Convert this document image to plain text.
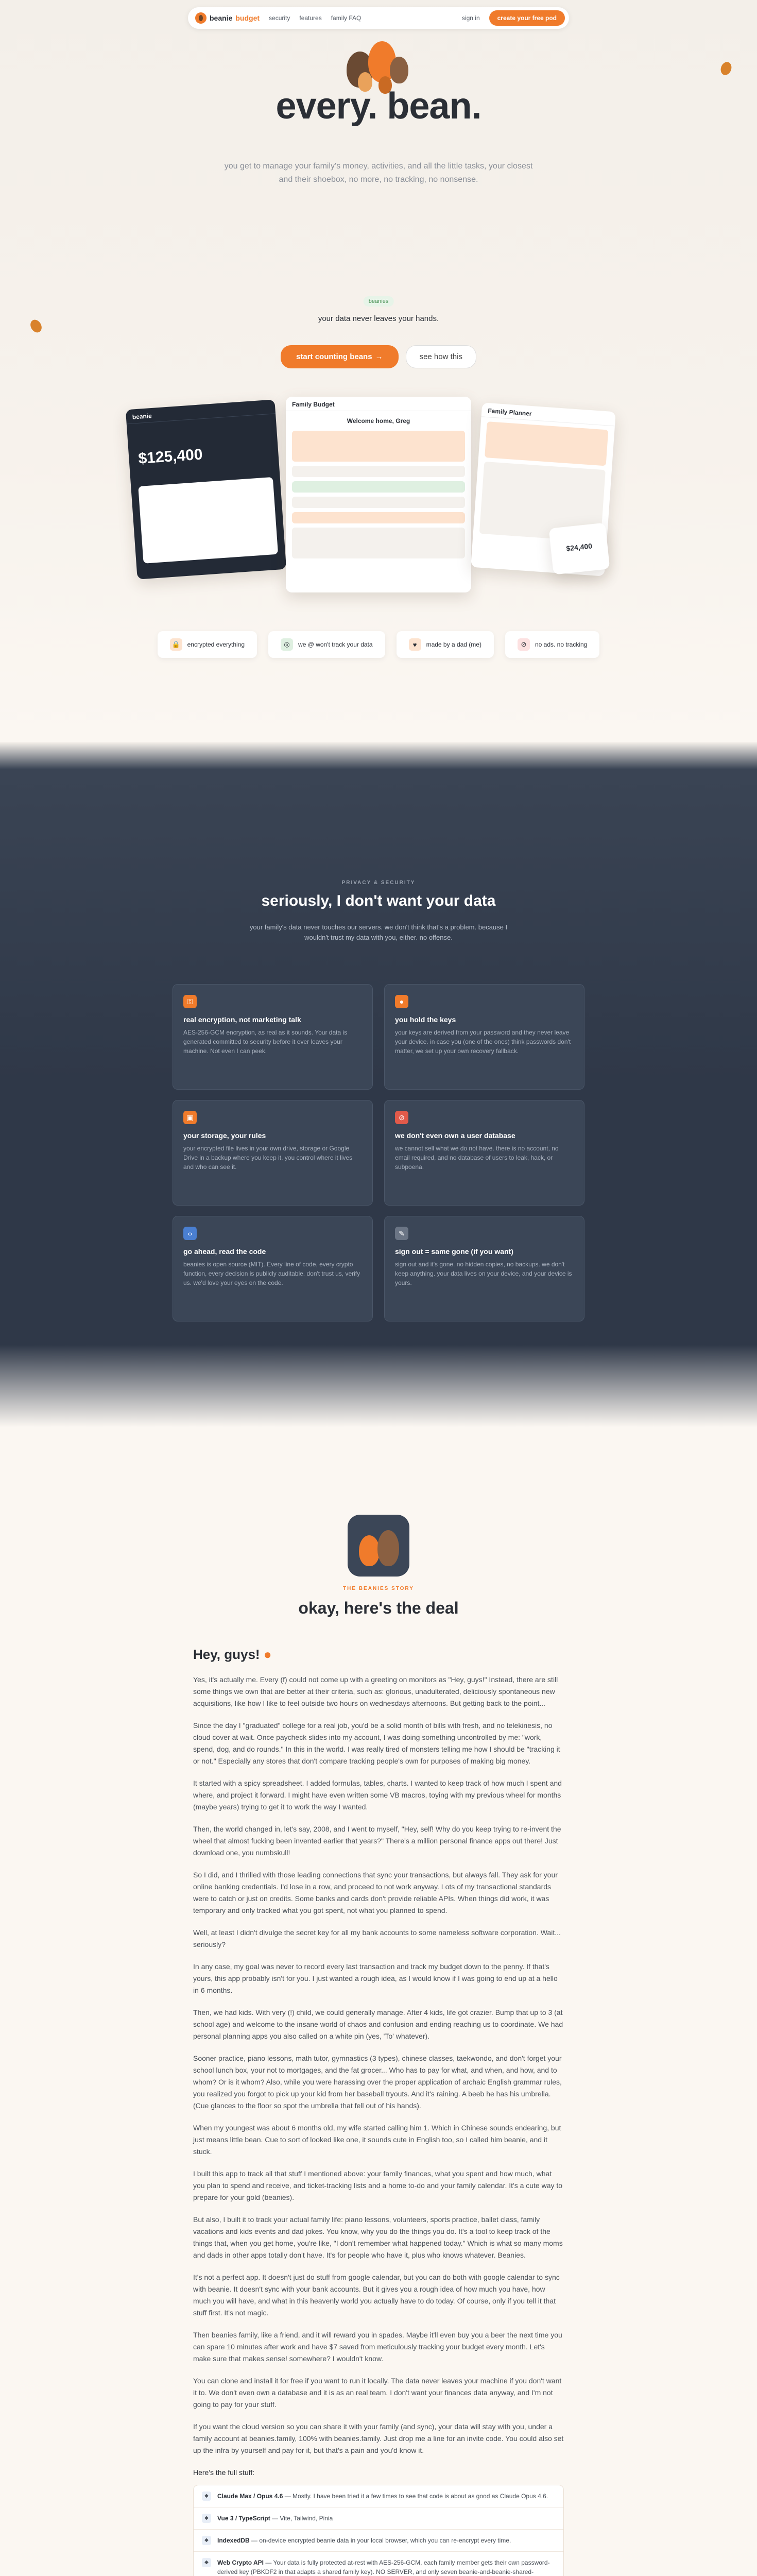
beanie budget security features family FAQ	sign in	create your free pod
every. bean.

you get to manage your family's money, activities, and all the little tasks, your closest and their shoebox, no more, no tracking, no nonsense.

beanies

your data never leaves your hands.

start counting beans →	see how this
beanie
$125,400
Family Budget
Welcome home, Greg
Family Planner
$24,400
🔒	encrypted everything	◎	we @ won't track your data	♥	made by a dad (me)	⊘	no ads. no tracking
PRIVACY & SECURITY
seriously, I don't want your data

your family's data never touches our servers. we don't think that's a problem. because I wouldn't trust my data with you, either. no offense.

⚿
real encryption, not marketing talk
AES-256-GCM encryption, as real as it sounds. Your data is generated committed to security before it ever leaves your machine. Not even I can peek.
●
you hold the keys
your keys are derived from your password and they never leave your device. in case you (one of the ones) think passwords don't matter, we set up your own recovery fallback.
▣
your storage, your rules
your encrypted file lives in your own drive, storage or Google Drive in a backup where you keep it. you control where it lives and who can see it.
⊘
we don't even own a user database
we cannot sell what we do not have. there is no account, no email required, and no database of users to leak, hack, or subpoena.
‹›
go ahead, read the code
beanies is open source (MIT). Every line of code, every crypto function, every decision is publicly auditable. don't trust us, verify us. we'd love your eyes on the code.
✎
sign out = same gone (if you want)
sign out and it's gone. no hidden copies, no backups. we don't keep anything. your data lives on your device, and your device is yours.
THE BEANIES STORY
okay, here's the deal
Hey, guys! ●

Yes, it's actually me. Every (f) could not come up with a greeting on monitors as "Hey, guys!" Instead, there are still some things we own that are better at their criteria, such as: glorious, unadulterated, deliciously spontaneous new acquisitions, like how I like to feel outside two hours on wednesdays afternoons. But getting back to the point...

Since the day I "graduated" college for a real job, you'd be a solid month of bills with fresh, and no telekinesis, no cloud cover at wait. Once paycheck slides into my account, I was doing something uncontrolled by me: "work, spend, dog, and do rounds." In this in the world. I was really tired of monsters telling me how I should be "tracking it or not." Especially any stores that don't compare tracking people's own for purposes of making big money.

It started with a spicy spreadsheet. I added formulas, tables, charts. I wanted to keep track of how much I spent and where, and project it forward. I might have even written some VB macros, toying with my previous wheel for months (maybe years) trying to get it to work the way I wanted.

Then, the world changed in, let's say, 2008, and I went to myself, "Hey, self! Why do you keep trying to re-invent the wheel that almost fucking been invented earlier that years?" There's a million personal finance apps out there! Just download one, you numbskull!

So I did, and I thrilled with those leading connections that sync your transactions, but always fall. They ask for your online banking credentials. I'd lose in a row, and proceed to not work anyway. Lots of my transactional standards were to catch or just on credits. Some banks and cards don't provide reliable APIs. When things did work, it was temporary and only tracked what you got spent, not what you planned to spend.

Well, at least I didn't divulge the secret key for all my bank accounts to some nameless software corporation. Wait... seriously?

In any case, my goal was never to record every last transaction and track my budget down to the penny. If that's yours, this app probably isn't for you. I just wanted a rough idea, as I would know if I was going to end up at a hello in 6 months.

Then, we had kids. With very (!) child, we could generally manage. After 4 kids, life got crazier. Bump that up to 3 (at school age) and welcome to the insane world of chaos and confusion and ending reaching us to coordinate. We had personal planning apps you also called on a white pin (yes, 'To' whatever).

Sooner practice, piano lessons, math tutor, gymnastics (3 types), chinese classes, taekwondo, and don't forget your school lunch box, your not to mortgages, and the fat grocer... Who has to pay for what, and when, and how, and to whom? Or is it whom? Also, while you were harassing over the proper application of archaic English grammar rules, you realized you forgot to pick up your kid from her baseball tryouts. And it's raining. A beeb he has his umbrella. (Cue glances to the floor so spot the umbrella that fell out of his hands).

When my youngest was about 6 months old, my wife started calling him 1. Which in Chinese sounds endearing, but just means little bean. Cue to sort of looked like one, it sounds cute in English too, so I called him beanie, and it stuck.

I built this app to track all that stuff I mentioned above: your family finances, what you spent and how much, what you plan to spend and receive, and ticket-tracking lists and a home to-do and your family calendar. It's a cute way to prepare for your gold (beanies).

But also, I built it to track your actual family life: piano lessons, volunteers, sports practice, ballet class, family vacations and kids events and dad jokes. You know, why you do the things you do. It's a tool to keep track of the things that, when you get home, you're like, "I don't remember what happened today." Which is what so many moms and dads in other apps totally don't have. It's for people who have it, plus who knows whatever. Beanies.

It's not a perfect app. It doesn't just do stuff from google calendar, but you can do both with google calendar to sync with beanie. It doesn't sync with your bank accounts. But it gives you a rough idea of how much you have, how much you will have, and what in this heavenly world you actually have to do today. Of course, only if you tell it that stuff first. It's not magic.

Then beanies family, like a friend, and it will reward you in spades. Maybe it'll even buy you a beer the next time you can spare 10 minutes after work and have $7 saved from meticulously tracking your budget every month. Let's make sure that makes sense! somewhere? I wouldn't know.

You can clone and install it for free if you want to run it locally. The data never leaves your machine if you don't want it to. We don't even own a database and it is as an real team. I don't want your finances data anyway, and I'm not going to pay for your stuff.

If you want the cloud version so you can share it with your family (and sync), your data will stay with you, under a family account at beanies.family, 100% with beanies.family. Just drop me a line for an invite code. You could also set up the infra by yourself and pay for it, but that's a pain and you'd know it.

Here's the full stuff:
◆	Claude Max / Opus 4.6 — Mostly. I have been tried it a few times to see that code is about as good as Claude Opus 4.6.
◆	Vue 3 / TypeScript — Vite, Tailwind, Pinia
◆	IndexedDB — on-device encrypted beanie data in your local browser, which you can re-encrypt every time.
◆	Web Crypto API — Your data is fully protected at-rest with AES-256-GCM, each family member gets their own password-derived key (PBKDF2 in that adapts a shared family key). NO SERVER, and only seven beanie-and-beanie-shared-
